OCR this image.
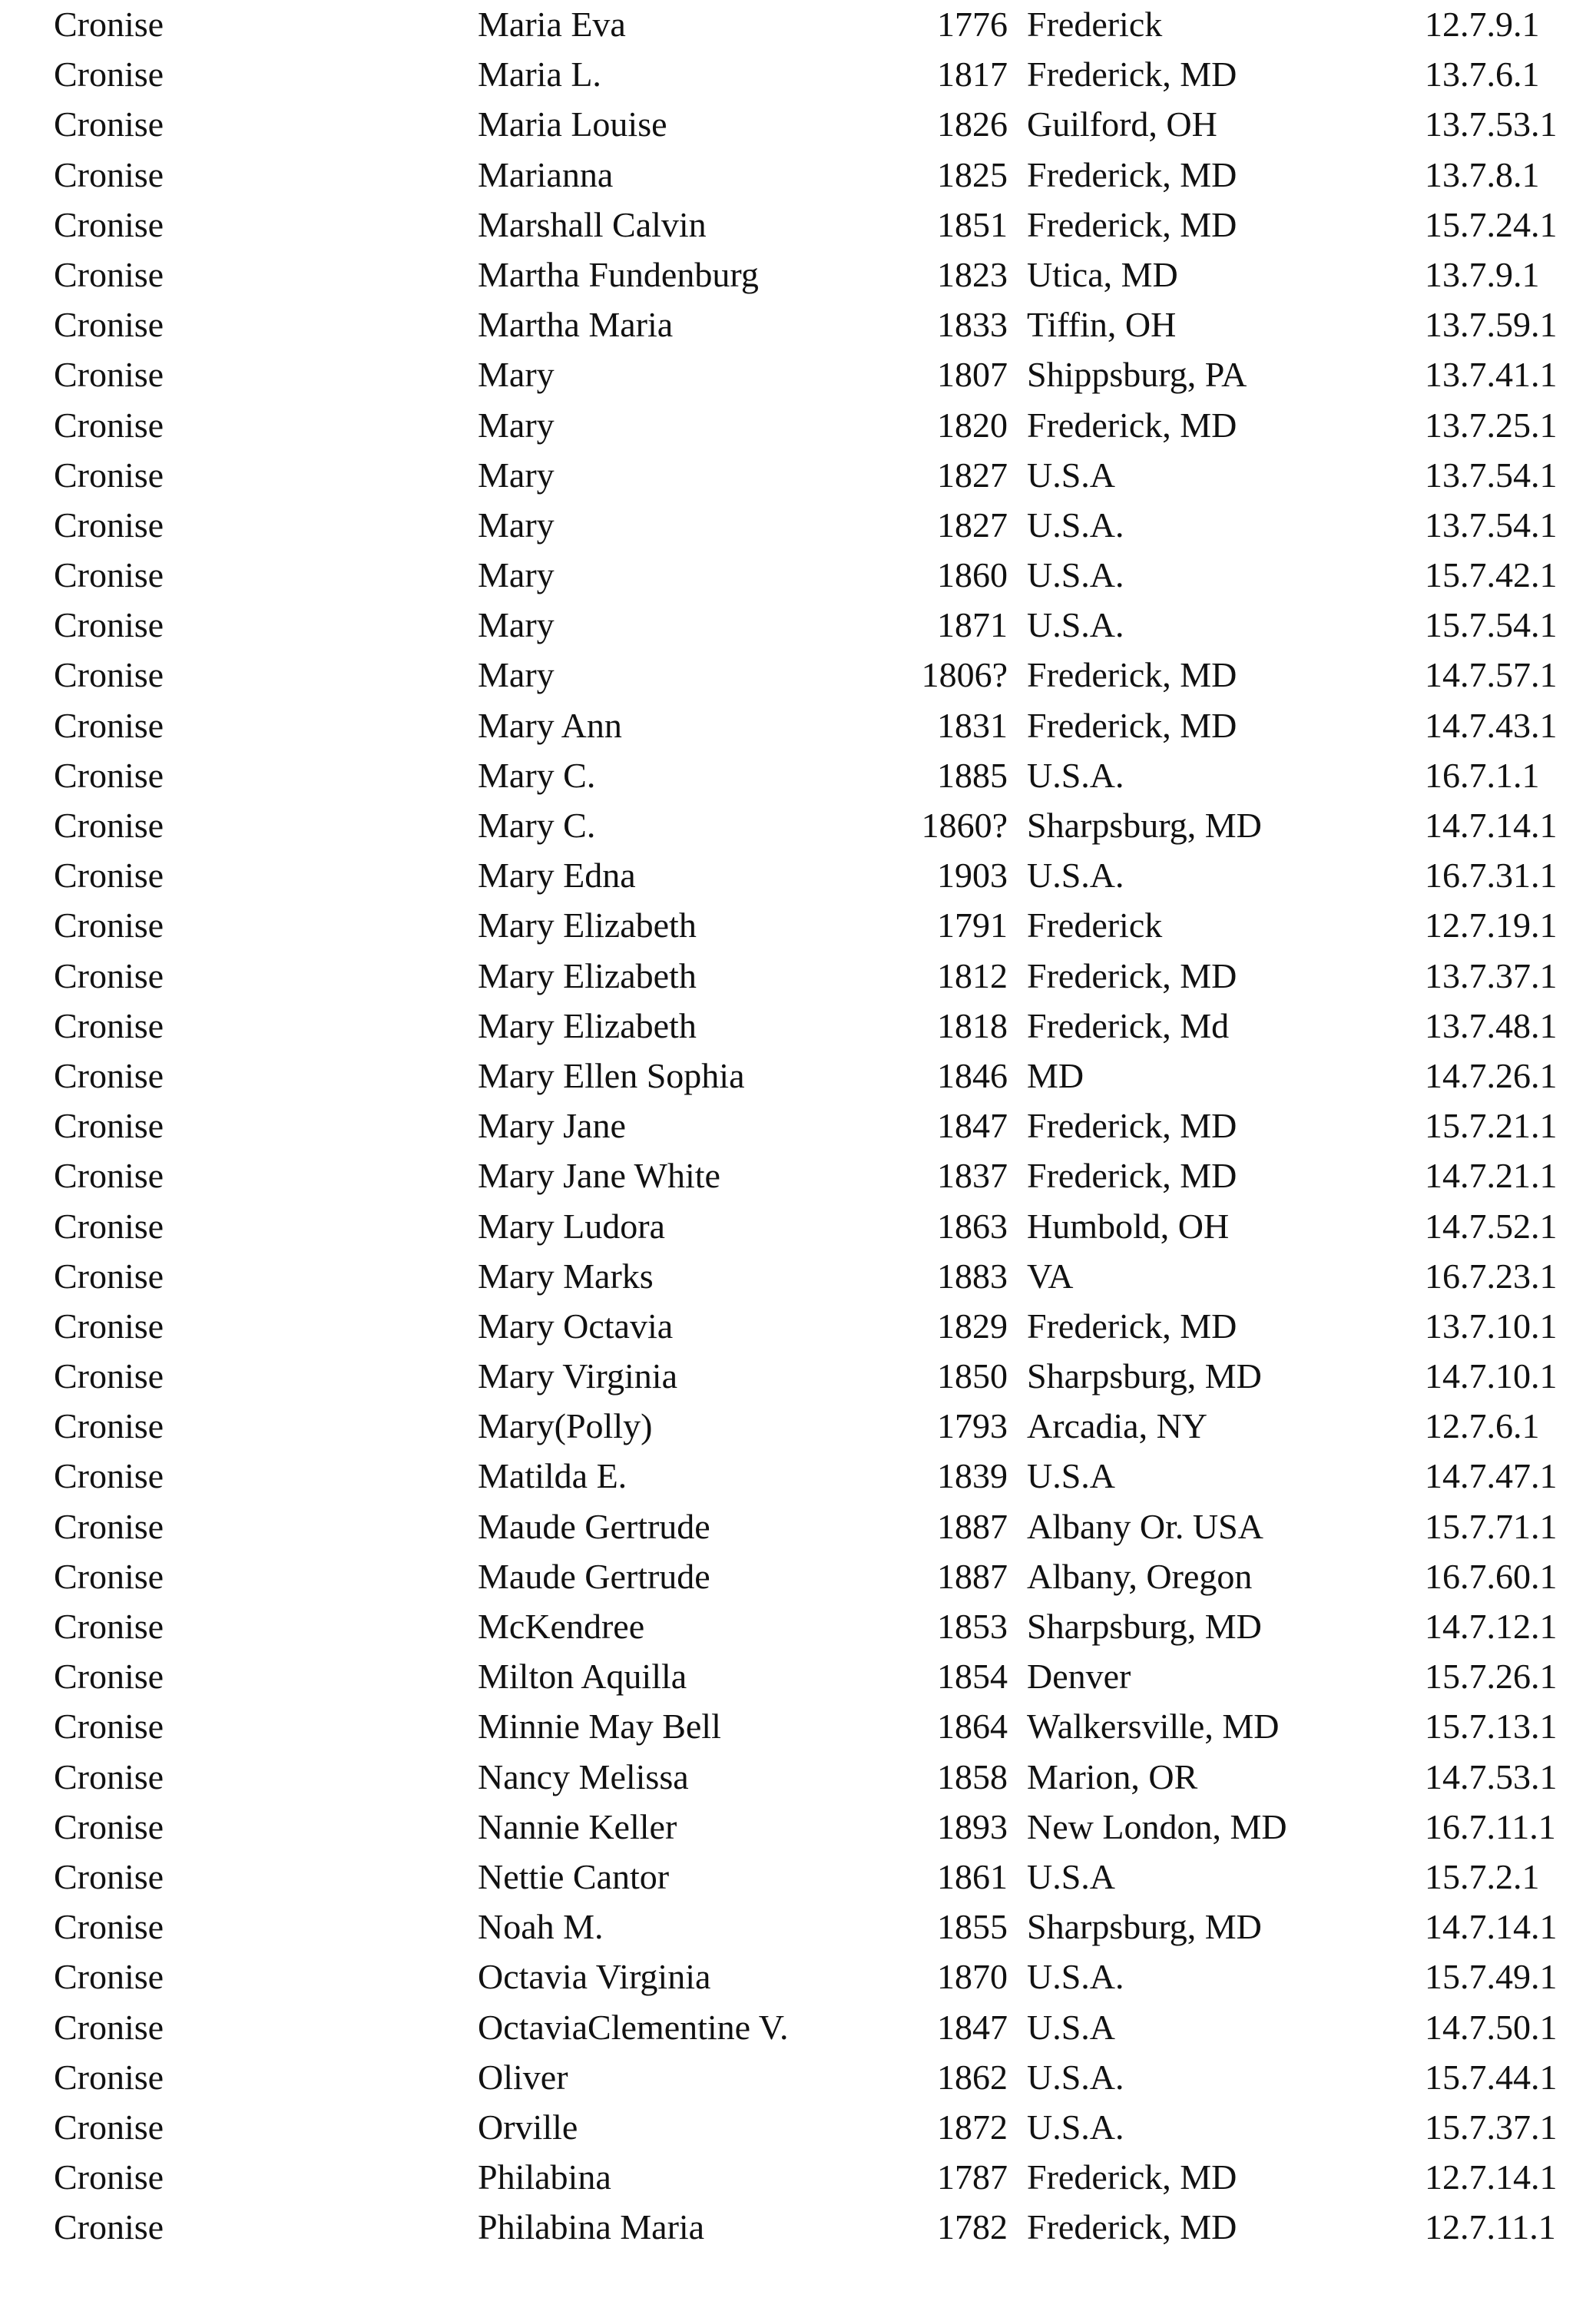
Cronise	Maria Eva	1776 Frederick	12.7.9.1
Cronise	Maria L.	1817 Frederick, MD	13.7.6.1
Cronise	Maria Louise	1826 Guilford, OH	13.7.53.1
Cronise	Marianna	1825 Frederick, MD	13.7.8.1
Cronise	Marshall Calvin	1851 Frederick, MD	15.7.24.1
Cronise	Martha Fundenburg	1823 Utica, MD	13.7.9.1
Cronise	Martha Maria	1833 Tiffin, OH	13.7.59.1
Cronise	Mary	1807 Shippsburg, PA	13.7.41.1
Cronise	Mary	1820 Frederick, MD	13.7.25.1
Cronise	Mary	1827 U.S.A	13.7.54.1
Cronise	Mary	1827 U.S.A.	13.7.54.1
Cronise	Mary	1860 U.S.A.	15.7.42.1
Cronise	Mary	1871 U.S.A.	15.7.54.1
Cronise	Mary	1806? Frederick, MD	14.7.57.1
Cronise	Mary Ann	1831 Frederick, MD	14.7.43.1
Cronise	Mary C.	1885 U.S.A.	16.7.1.1
Cronise	Mary C.	1860? Sharpsburg, MD	14.7.14.1
Cronise	Mary Edna	1903 U.S.A.	16.7.31.1
Cronise	Mary Elizabeth	1791 Frederick	12.7.19.1
Cronise	Mary Elizabeth	1812 Frederick, MD	13.7.37.1
Cronise	Mary Elizabeth	1818 Frederick, Md	13.7.48.1
Cronise	Mary Ellen Sophia	1846 MD	14.7.26.1
Cronise	Mary Jane	1847 Frederick, MD	15.7.21.1
Cronise	Mary Jane White	1837 Frederick, MD	14.7.21.1
Cronise	Mary Ludora	1863 Humbold, OH	14.7.52.1
Cronise	Mary Marks	1883 VA	16.7.23.1
Cronise	Mary Octavia	1829 Frederick, MD	13.7.10.1
Cronise	Mary Virginia	1850 Sharpsburg, MD	14.7.10.1
Cronise	Mary(Polly)	1793 Arcadia, NY	12.7.6.1
Cronise	Matilda E.	1839 U.S.A	14.7.47.1
Cronise	Maude Gertrude	1887 Albany Or. USA	15.7.71.1
Cronise	Maude Gertrude	1887 Albany, Oregon	16.7.60.1
Cronise	McKendree	1853 Sharpsburg, MD	14.7.12.1
Cronise	Milton Aquilla	1854 Denver	15.7.26.1
Cronise	Minnie May Bell	1864 Walkersville, MD	15.7.13.1
Cronise	Nancy Melissa	1858 Marion, OR	14.7.53.1
Cronise	Nannie Keller	1893 New London, MD	16.7.11.1
Cronise	Nettie Cantor	1861 U.S.A	15.7.2.1
Cronise	Noah M.	1855 Sharpsburg, MD	14.7.14.1
Cronise	Octavia Virginia	1870 U.S.A.	15.7.49.1
Cronise	OctaviaClementine V.	1847 U.S.A	14.7.50.1
Cronise	Oliver	1862 U.S.A.	15.7.44.1
Cronise	Orville	1872 U.S.A.	15.7.37.1
Cronise	Philabina	1787 Frederick, MD	12.7.14.1
Cronise	Philabina Maria	1782 Frederick, MD	12.7.11.1
